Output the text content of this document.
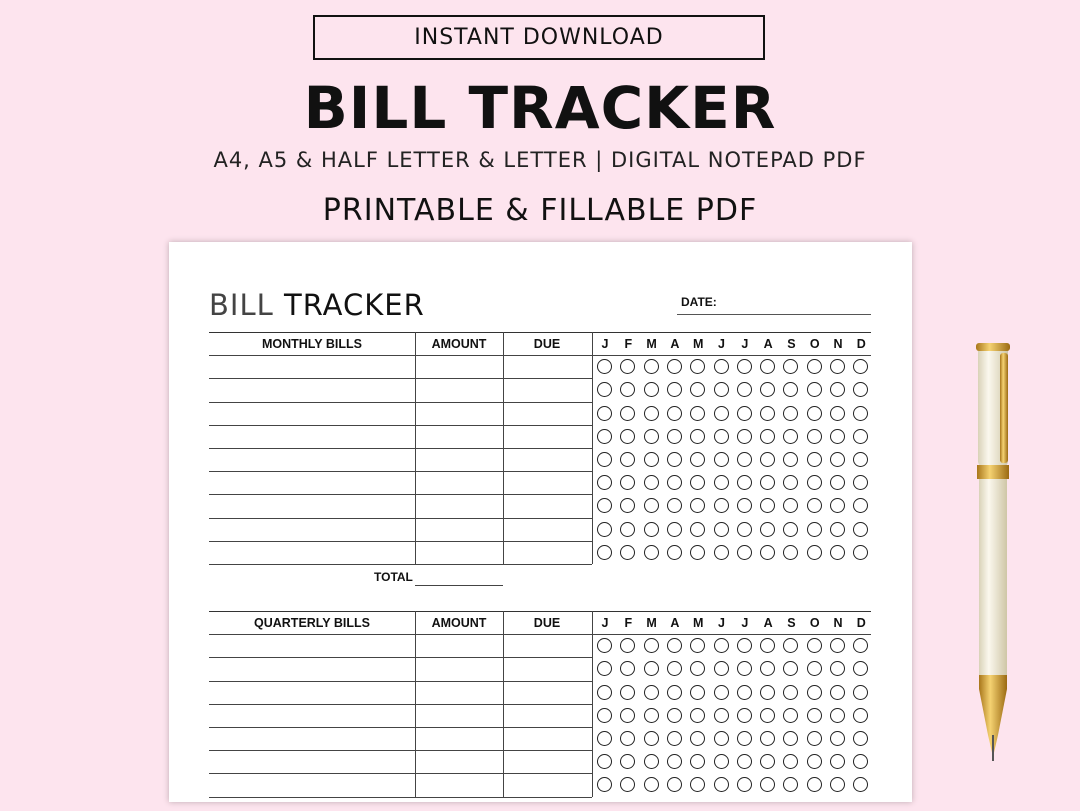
INSTANT DOWNLOAD
BILL TRACKER
A4, A5 & HALF LETTER & LETTER | DIGITAL NOTEPAD PDF
PRINTABLE & FILLABLE PDF
BILL TRACKER	DATE:
MONTHLY BILLS	AMOUNT	DUE	J	F	M	A	M	J	J	A	S	O	N	D
TOTAL
QUARTERLY BILLS	AMOUNT	DUE	J	F	M	A	M	J	J	A	S	O	N	D
